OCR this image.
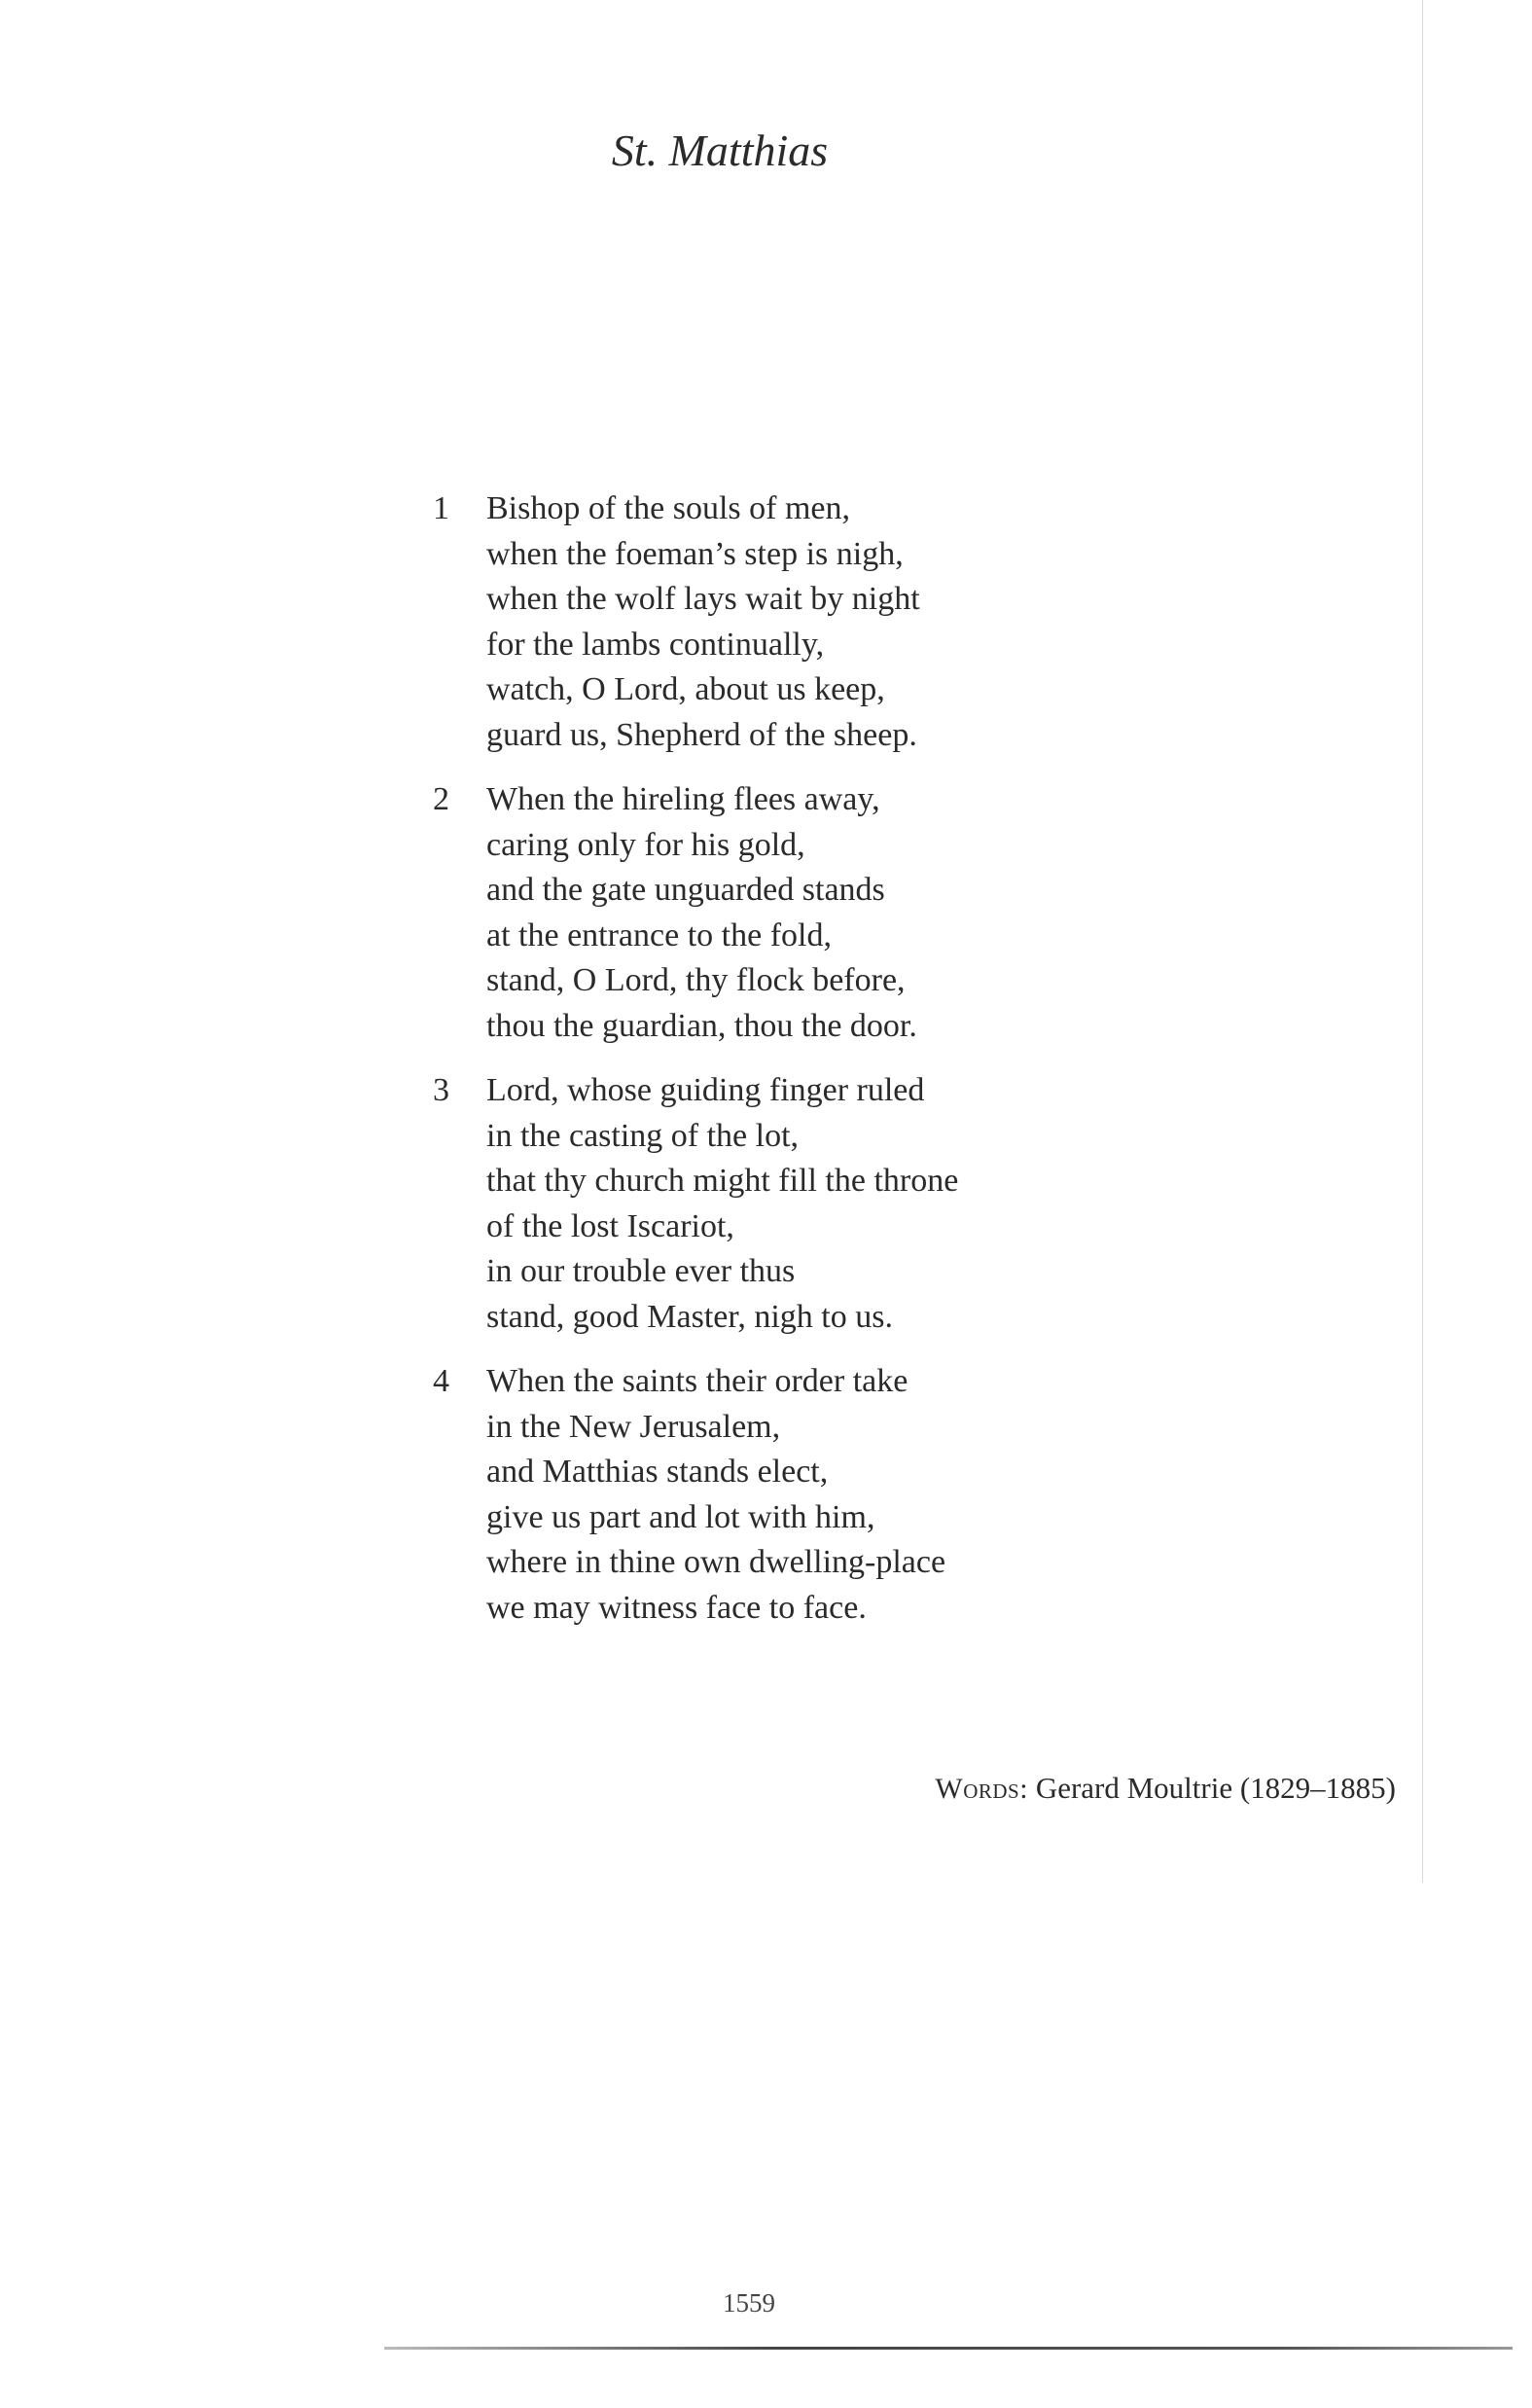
St. Matthias
1 Bishop of the souls of men,
when the foeman’s step is nigh,
when the wolf lays wait by night
for the lambs continually,
watch, O Lord, about us keep,
guard us, Shepherd of the sheep.
2 When the hireling flees away,
caring only for his gold,
and the gate unguarded stands
at the entrance to the fold,
stand, O Lord, thy flock before,
thou the guardian, thou the door.
3 Lord, whose guiding finger ruled
in the casting of the lot,
that thy church might fill the throne
of the lost Iscariot,
in our trouble ever thus
stand, good Master, nigh to us.
4 When the saints their order take
in the New Jerusalem,
and Matthias stands elect,
give us part and lot with him,
where in thine own dwelling-place
we may witness face to face.
Words: Gerard Moultrie (1829–1885)
1559
